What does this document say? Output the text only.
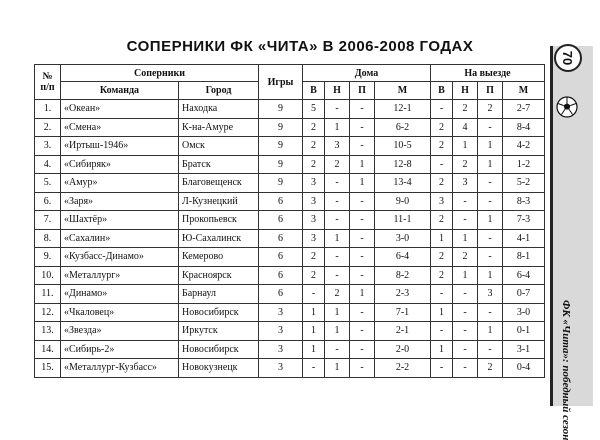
СОПЕРНИКИ ФК «ЧИТА» В 2006-2008 ГОДАХ
70
ФК «Чита»: победный сезон
№ п/п	Соперники		Игры	Дома				На выезде			
	Команда	Город		В	Н	П	М	В	Н	П	М
1.	«Океан»	Находка	9	5	-	-	12-1	-	2	2	2-7
2.	«Смена»	К-на-Амуре	9	2	1	-	6-2	2	4	-	8-4
3.	«Иртыш-1946»	Омск	9	2	3	-	10-5	2	1	1	4-2
4.	«Сибиряк»	Братск	9	2	2	1	12-8	-	2	1	1-2
5.	«Амур»	Благовещенск	9	3	-	1	13-4	2	3	-	5-2
6.	«Заря»	Л-Кузнецкий	6	3	-	-	9-0	3	-	-	8-3
7.	«Шахтёр»	Прокопьевск	6	3	-	-	11-1	2	-	1	7-3
8.	«Сахалин»	Ю-Сахалинск	6	3	1	-	3-0	1	1	-	4-1
9.	«Кузбасс-Динамо»	Кемерово	6	2	-	-	6-4	2	2	-	8-1
10.	«Металлург»	Красноярск	6	2	-	-	8-2	2	1	1	6-4
11.	«Динамо»	Барнаул	6	-	2	1	2-3	-	-	3	0-7
12.	«Чкаловец»	Новосибирск	3	1	1	-	7-1	1	-	-	3-0
13.	«Звезда»	Иркутск	3	1	1	-	2-1	-	-	1	0-1
14.	«Сибирь-2»	Новосибирск	3	1	-	-	2-0	1	-	-	3-1
15.	«Металлург-Кузбасс»	Новокузнецк	3	-	1	-	2-2	-	-	2	0-4
